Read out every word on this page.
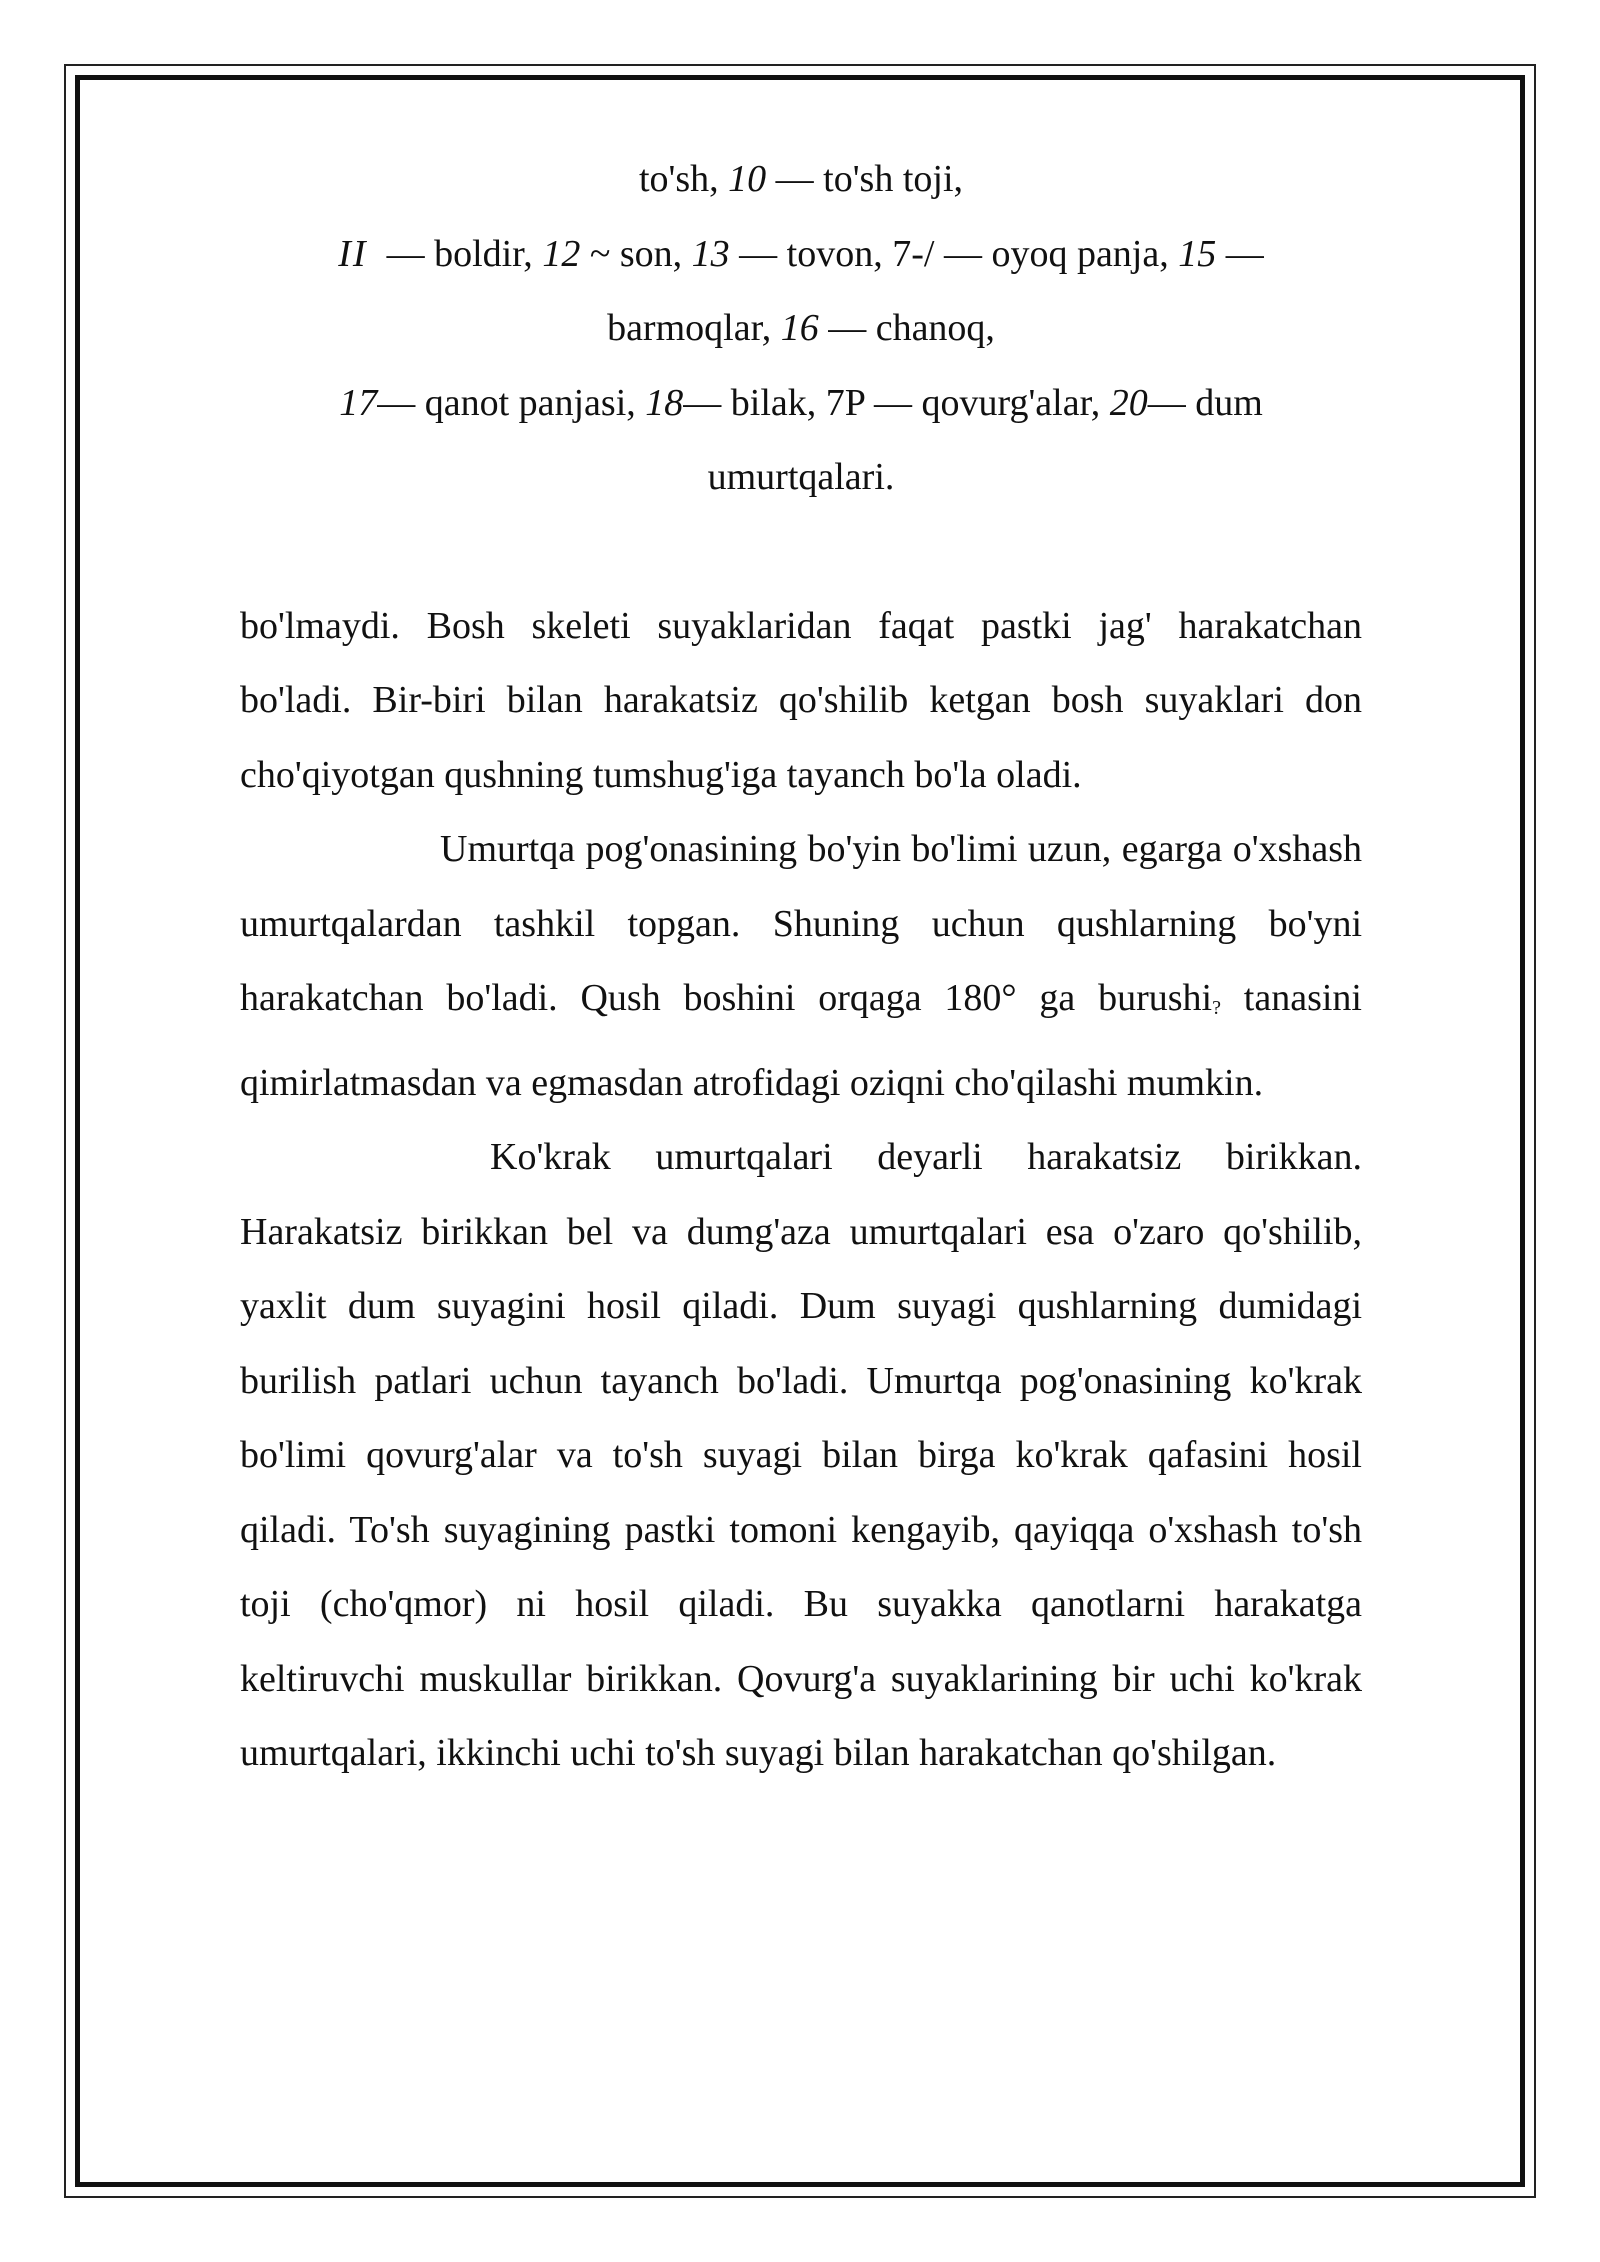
to'sh, 10 — to'sh toji,
II  — boldir, 12 ~ son, 13 — tovon, 7-/ — oyoq panja, 15 —
barmoqlar, 16 — chanoq,
17— qanot panjasi, 18— bilak, 7P — qovurg'alar, 20— dum
umurtqalari.

bo'lmaydi. Bosh skeleti suyaklaridan faqat pastki jag' harakatchan bo'ladi. Bir-biri bilan harakatsiz qo'shilib ketgan bosh suyaklari don cho'qiyotgan qushning tumshug'iga tayanch bo'la oladi.

Umurtqa pog'onasining bo'yin bo'limi uzun, egarga o'xshash umurtqalardan tashkil topgan. Shuning uchun qushlarning bo'yni harakatchan bo'ladi. Qush boshini orqaga 180° ga burushi$_?$ tanasini qimirlatmasdan va egmasdan atrofidagi oziqni cho'qilashi mumkin.

Ko'krak umurtqalari deyarli harakatsiz birikkan. Harakatsiz birikkan bel va dumg'aza umurtqalari esa o'zaro qo'shilib, yaxlit dum suyagini hosil qiladi. Dum suyagi qushlarning dumidagi burilish patlari uchun tayanch bo'ladi. Umurtqa pog'onasining ko'krak bo'limi qovurg'alar va to'sh suyagi bilan birga ko'krak qafasini hosil qiladi. To'sh suyagining pastki tomoni kengayib, qayiqqa o'xshash to'sh toji (cho'qmor) ni hosil qiladi. Bu suyakka qanotlarni harakatga keltiruvchi muskullar birikkan. Qovurg'a suyaklarining bir uchi ko'krak umurtqalari, ikkinchi uchi to'sh suyagi bilan harakatchan qo'shilgan.
